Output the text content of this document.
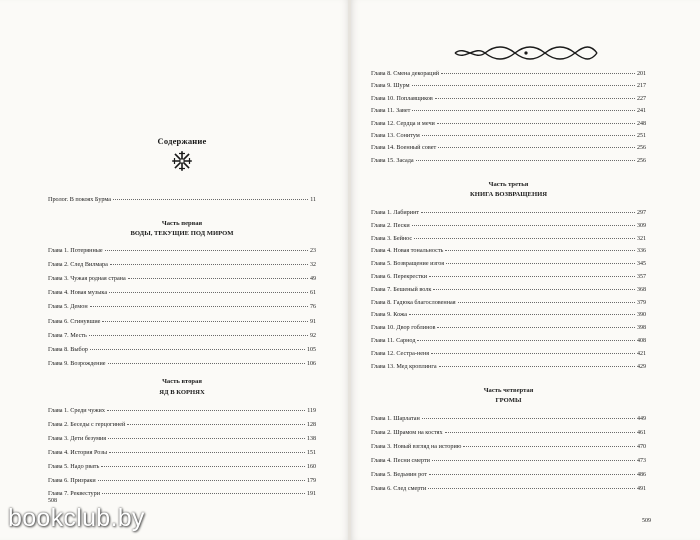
Содержание
Пролог. В покоях Бурма	11
Часть первая
ВОДЫ, ТЕКУЩИЕ ПОД МИРОМ
Глава 1. Потерянные	23
Глава 2. След Вилмара	32
Глава 3. Чужая родная страна	49
Глава 4. Новая музыка	61
Глава 5. Демон	76
Глава 6. Сгинувшие	91
Глава 7. Месть	92
Глава 8. Выбор	105
Глава 9. Возрождение	106
Часть вторая
ЯД В КОРНЯХ
Глава 1. Среди чужих	119
Глава 2. Беседы с герцогиней	128
Глава 3. Дети безумия	138
Глава 4. История Розы	151
Глава 5. Надо рвать	160
Глава 6. Призраки	179
Глава 7. Реквестури	191
508
Глава 8. Смена декораций	201
Глава 9. Шурм	217
Глава 10. Поплавщиков	227
Глава 11. Завет	241
Глава 12. Сердца и мечи	248
Глава 13. Сонитум	251
Глава 14. Военный совет	256
Глава 15. Засада	256
Часть третья
КНИГА ВОЗВРАЩЕНИЯ
Глава 1. Лабиринт	297
Глава 2. Пески	309
Глава 3. Бейнос	321
Глава 4. Новая тональность	336
Глава 5. Возвращение изгоя	345
Глава 6. Перекрестки	357
Глава 7. Бешеный волк	368
Глава 8. Гадюка благословенная	379
Глава 9. Кожа	390
Глава 10. Двор гоблинов	398
Глава 11. Сарнод	408
Глава 12. Сестра-неня	421
Глава 13. Мед кроплинга	429
Часть четвертая
ГРОМЫ
Глава 1. Шарлатан	449
Глава 2. Шрамом на костях	461
Глава 3. Новый взгляд на историю	470
Глава 4. Песни смерти	473
Глава 5. Ведьмин рот	486
Глава 6. След смерти	491
509
bookclub.by
